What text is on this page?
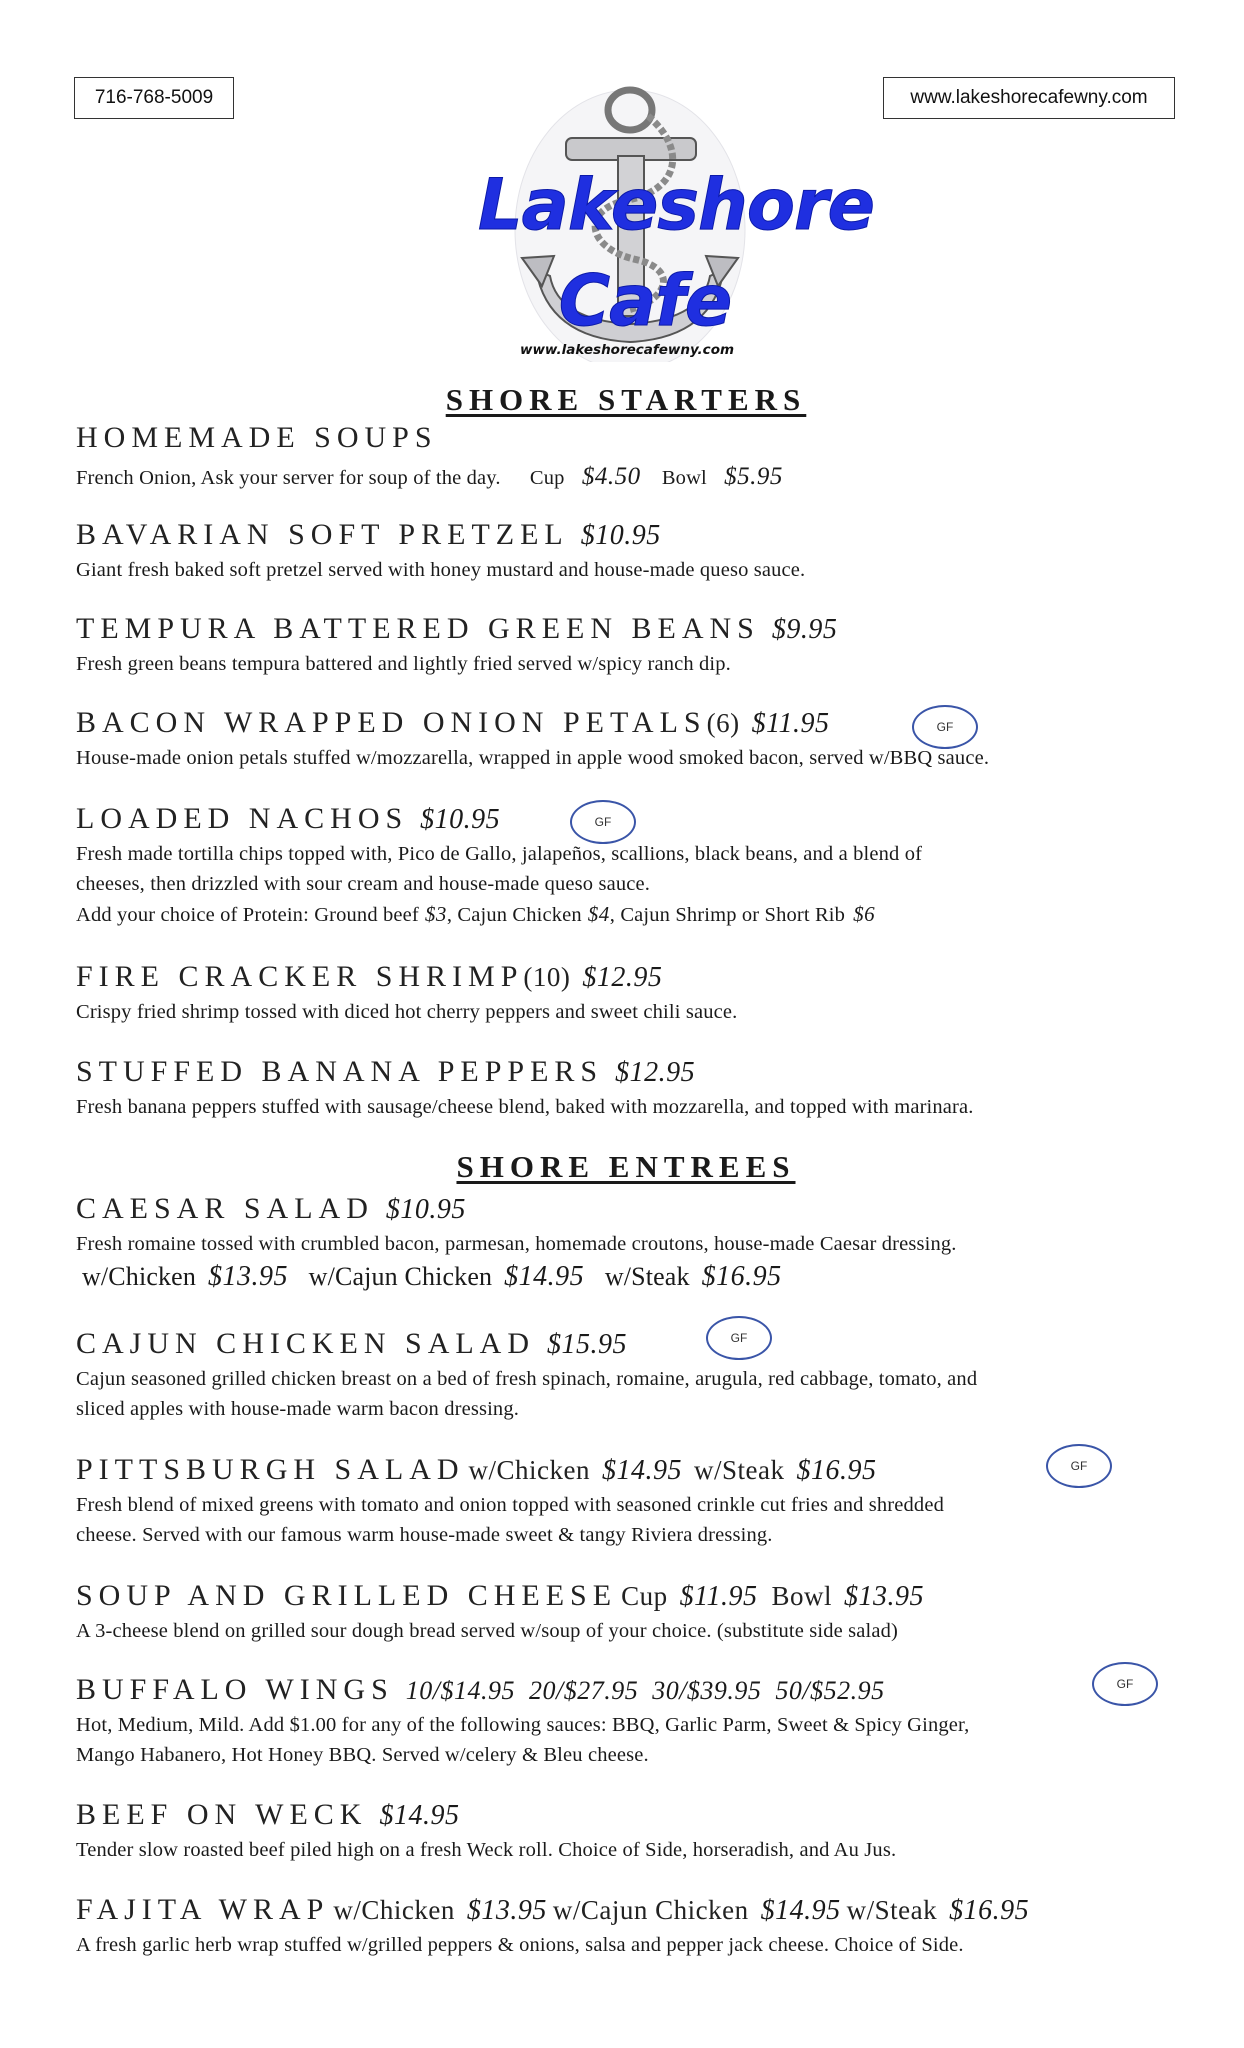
716-768-5009	www.lakeshorecafewny.com
Lakeshore
Cafe
www.lakeshorecafewny.com
SHORE STARTERS
HOMEMADE SOUPS
French Onion, Ask your server for soup of the day. Cup $4.50 Bowl $5.95
BAVARIAN SOFT PRETZEL $10.95
Giant fresh baked soft pretzel served with honey mustard and house-made queso sauce.
TEMPURA BATTERED GREEN BEANS $9.95
Fresh green beans tempura battered and lightly fried served w/spicy ranch dip.
BACON WRAPPED ONION PETALS(6) $11.95
House-made onion petals stuffed w/mozzarella, wrapped in apple wood smoked bacon, served w/BBQ sauce.
GF
LOADED NACHOS $10.95
Fresh made tortilla chips topped with, Pico de Gallo, jalapeños, scallions, black beans, and a blend of
cheeses, then drizzled with sour cream and house-made queso sauce.
Add your choice of Protein: Ground beef $3, Cajun Chicken $4, Cajun Shrimp or Short Rib $6
GF
FIRE CRACKER SHRIMP(10) $12.95
Crispy fried shrimp tossed with diced hot cherry peppers and sweet chili sauce.
STUFFED BANANA PEPPERS $12.95
Fresh banana peppers stuffed with sausage/cheese blend, baked with mozzarella, and topped with marinara.
SHORE ENTREES
CAESAR SALAD $10.95
Fresh romaine tossed with crumbled bacon, parmesan, homemade croutons, house-made Caesar dressing.
w/Chicken $13.95 w/Cajun Chicken $14.95 w/Steak $16.95
CAJUN CHICKEN SALAD $15.95
Cajun seasoned grilled chicken breast on a bed of fresh spinach, romaine, arugula, red cabbage, tomato, and
sliced apples with house-made warm bacon dressing.
GF
PITTSBURGH SALAD w/Chicken $14.95 w/Steak $16.95
Fresh blend of mixed greens with tomato and onion topped with seasoned crinkle cut fries and shredded
cheese. Served with our famous warm house-made sweet & tangy Riviera dressing.
GF
SOUP AND GRILLED CHEESE Cup $11.95 Bowl $13.95
A 3-cheese blend on grilled sour dough bread served w/soup of your choice. (substitute side salad)
BUFFALO WINGS 10/$14.95  20/$27.95  30/$39.95  50/$52.95
Hot, Medium, Mild. Add $1.00 for any of the following sauces: BBQ, Garlic Parm, Sweet & Spicy Ginger,
Mango Habanero, Hot Honey BBQ. Served w/celery & Bleu cheese.
GF
BEEF ON WECK $14.95
Tender slow roasted beef piled high on a fresh Weck roll. Choice of Side, horseradish, and Au Jus.
FAJITA WRAP w/Chicken $13.95 w/Cajun Chicken $14.95 w/Steak $16.95
A fresh garlic herb wrap stuffed w/grilled peppers & onions, salsa and pepper jack cheese. Choice of Side.
